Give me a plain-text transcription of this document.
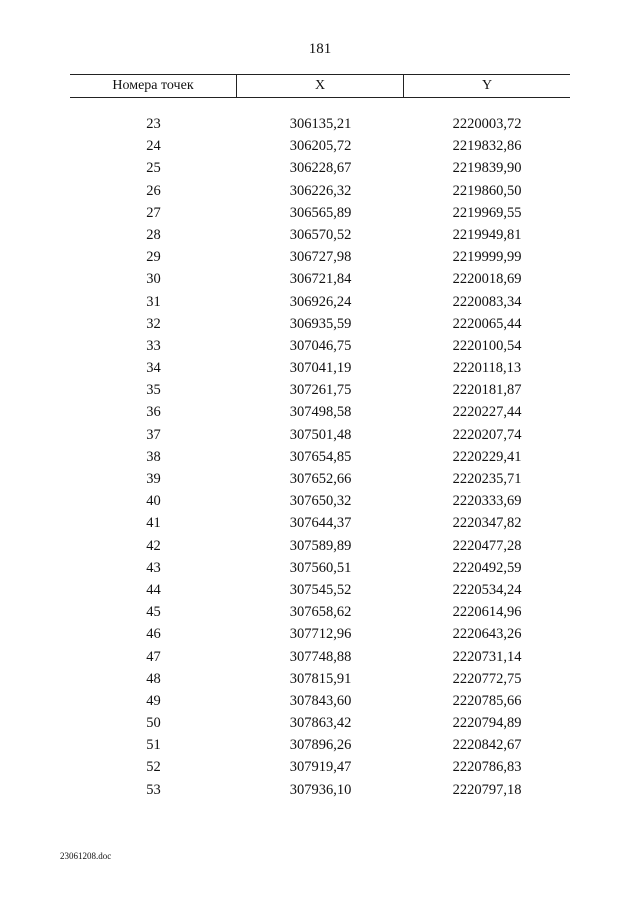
181
Номера точек	X	Y
23	306135,21	2220003,72
24	306205,72	2219832,86
25	306228,67	2219839,90
26	306226,32	2219860,50
27	306565,89	2219969,55
28	306570,52	2219949,81
29	306727,98	2219999,99
30	306721,84	2220018,69
31	306926,24	2220083,34
32	306935,59	2220065,44
33	307046,75	2220100,54
34	307041,19	2220118,13
35	307261,75	2220181,87
36	307498,58	2220227,44
37	307501,48	2220207,74
38	307654,85	2220229,41
39	307652,66	2220235,71
40	307650,32	2220333,69
41	307644,37	2220347,82
42	307589,89	2220477,28
43	307560,51	2220492,59
44	307545,52	2220534,24
45	307658,62	2220614,96
46	307712,96	2220643,26
47	307748,88	2220731,14
48	307815,91	2220772,75
49	307843,60	2220785,66
50	307863,42	2220794,89
51	307896,26	2220842,67
52	307919,47	2220786,83
53	307936,10	2220797,18
23061208.doc
